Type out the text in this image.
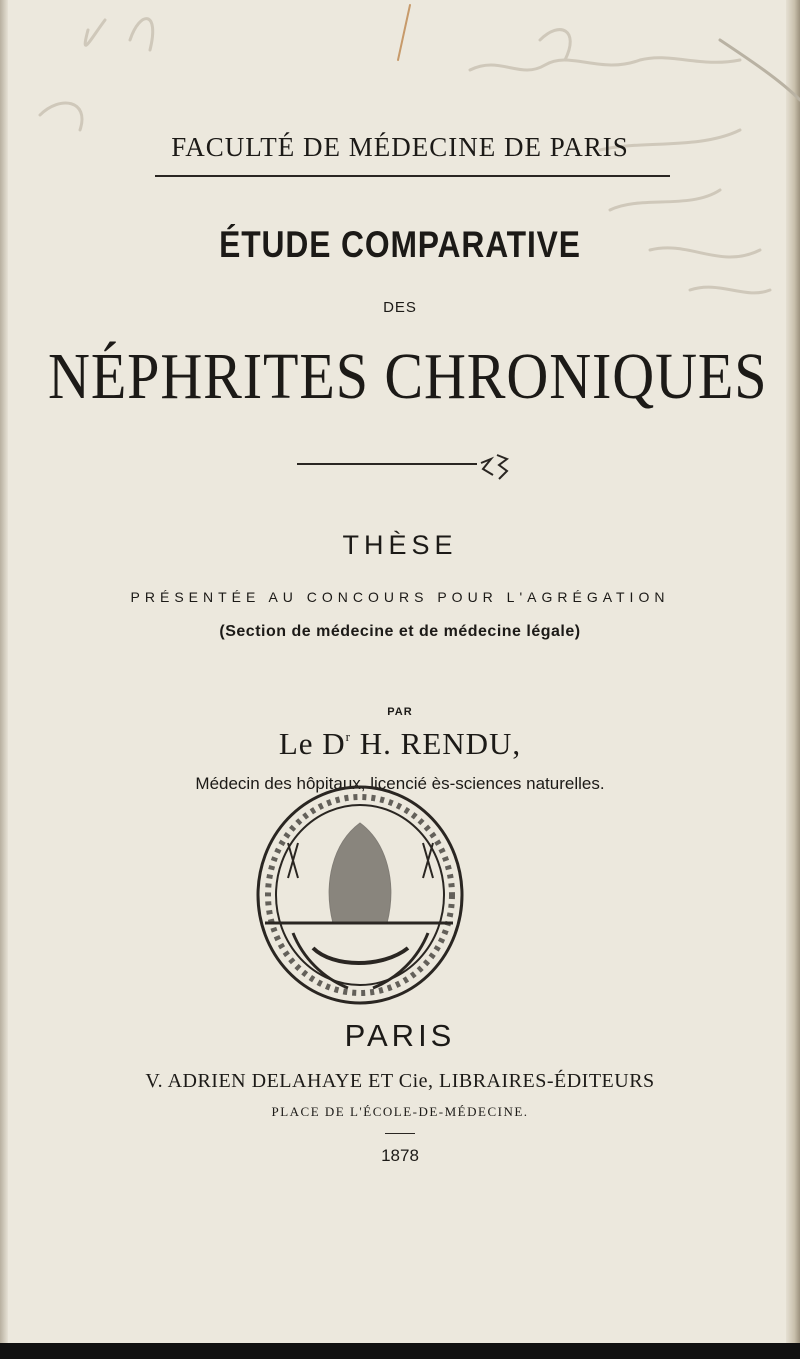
FACULTÉ DE MÉDECINE DE PARIS
ÉTUDE COMPARATIVE
DES
NÉPHRITES CHRONIQUES
THÈSE
PRÉSENTÉE AU CONCOURS POUR L'AGRÉGATION
(Section de médecine et de médecine légale)
PAR
Le $D^r$ H. RENDU,
Médecin des hôpitaux, licencié ès-sciences naturelles.
PARIS
V. ADRIEN DELAHAYE ET Cie, LIBRAIRES-ÉDITEURS
PLACE DE L'ÉCOLE-DE-MÉDECINE.
1878
